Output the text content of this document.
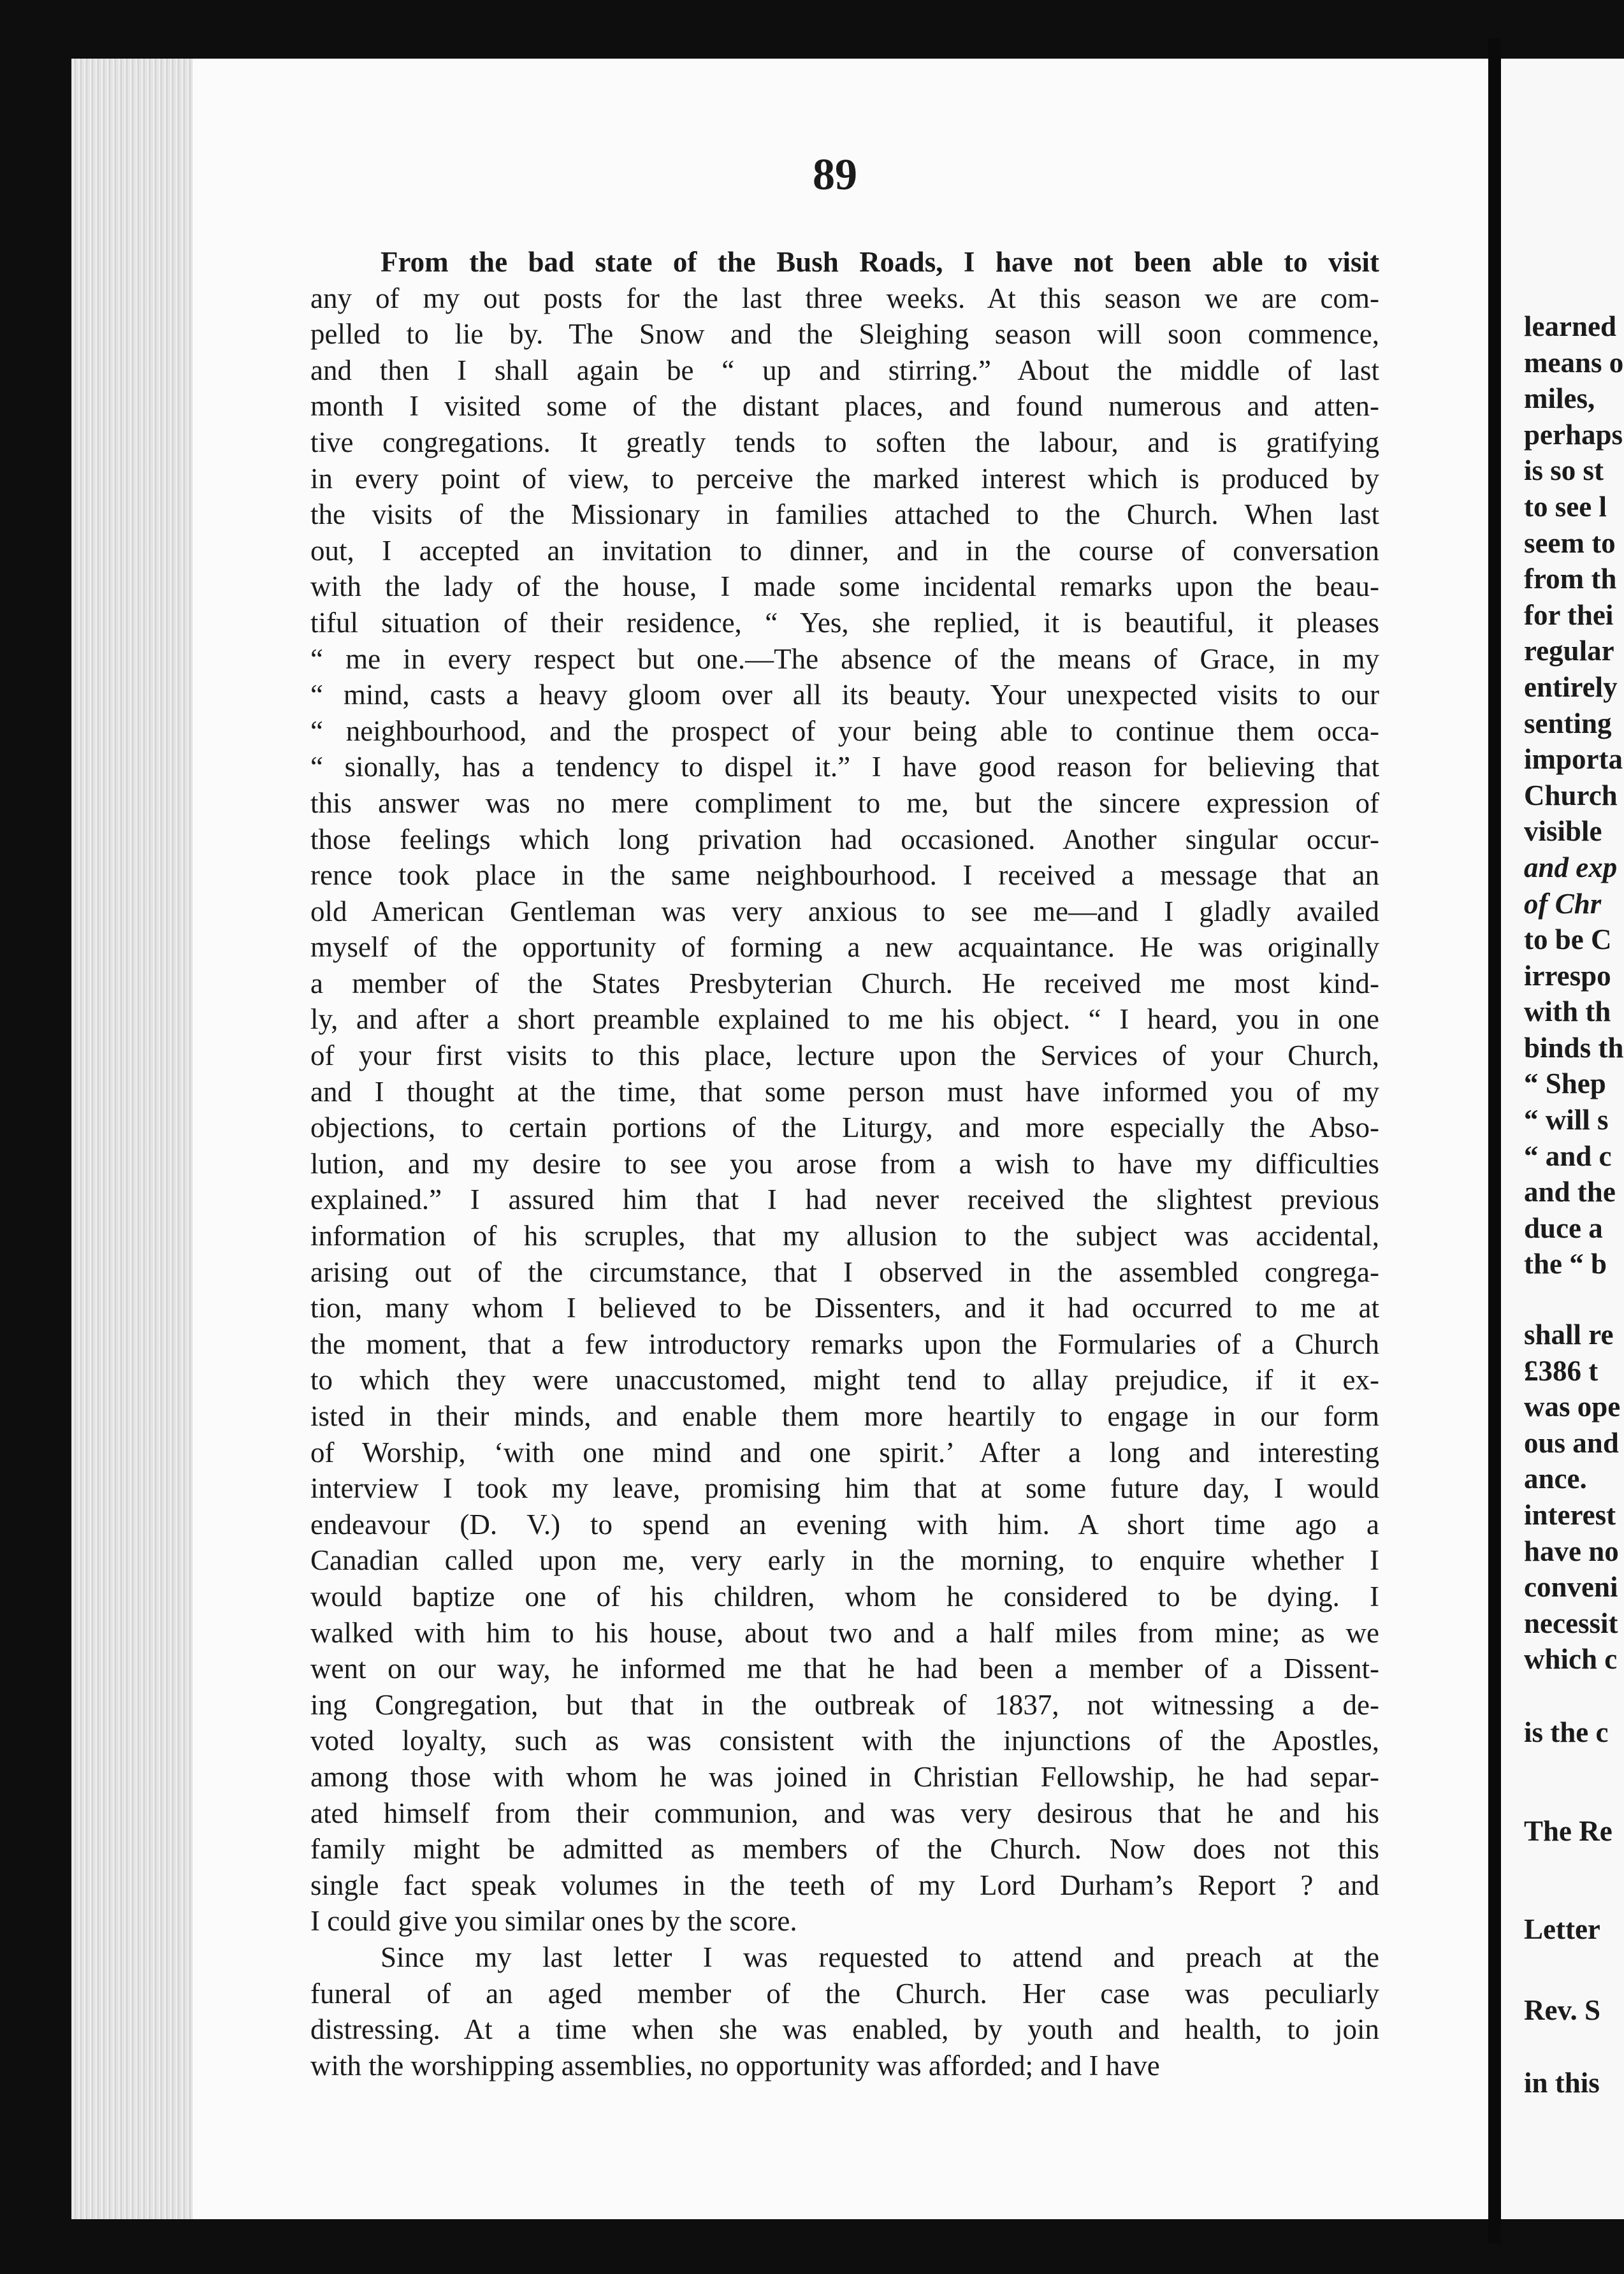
89
From the bad state of the Bush Roads, I have not been able to visit
any of my out posts for the last three weeks. At this season we are com-
pelled to lie by. The Snow and the Sleighing season will soon commence,
and then I shall again be “ up and stirring.” About the middle of last
month I visited some of the distant places, and found numerous and atten-
tive congregations. It greatly tends to soften the labour, and is gratifying
in every point of view, to perceive the marked interest which is produced by
the visits of the Missionary in families attached to the Church. When last
out, I accepted an invitation to dinner, and in the course of conversation
with the lady of the house, I made some incidental remarks upon the beau-
tiful situation of their residence, “ Yes, she replied, it is beautiful, it pleases
“ me in every respect but one.—The absence of the means of Grace, in my
“ mind, casts a heavy gloom over all its beauty. Your unexpected visits to our
“ neighbourhood, and the prospect of your being able to continue them occa-
“ sionally, has a tendency to dispel it.” I have good reason for believing that
this answer was no mere compliment to me, but the sincere expression of
those feelings which long privation had occasioned. Another singular occur-
rence took place in the same neighbourhood. I received a message that an
old American Gentleman was very anxious to see me—and I gladly availed
myself of the opportunity of forming a new acquaintance. He was originally
a member of the States Presbyterian Church. He received me most kind-
ly, and after a short preamble explained to me his object. “ I heard, you in one
of your first visits to this place, lecture upon the Services of your Church,
and I thought at the time, that some person must have informed you of my
objections, to certain portions of the Liturgy, and more especially the Abso-
lution, and my desire to see you arose from a wish to have my difficulties
explained.” I assured him that I had never received the slightest previous
information of his scruples, that my allusion to the subject was accidental,
arising out of the circumstance, that I observed in the assembled congrega-
tion, many whom I believed to be Dissenters, and it had occurred to me at
the moment, that a few introductory remarks upon the Formularies of a Church
to which they were unaccustomed, might tend to allay prejudice, if it ex-
isted in their minds, and enable them more heartily to engage in our form
of Worship, ‘with one mind and one spirit.’ After a long and interesting
interview I took my leave, promising him that at some future day, I would
endeavour (D. V.) to spend an evening with him. A short time ago a
Canadian called upon me, very early in the morning, to enquire whether I
would baptize one of his children, whom he considered to be dying. I
walked with him to his house, about two and a half miles from mine; as we
went on our way, he informed me that he had been a member of a Dissent-
ing Congregation, but that in the outbreak of 1837, not witnessing a de-
voted loyalty, such as was consistent with the injunctions of the Apostles,
among those with whom he was joined in Christian Fellowship, he had separ-
ated himself from their communion, and was very desirous that he and his
family might be admitted as members of the Church. Now does not this
single fact speak volumes in the teeth of my Lord Durham’s Report ? and
I could give you similar ones by the score.
Since my last letter I was requested to attend and preach at the
funeral of an aged member of the Church. Her case was peculiarly
distressing. At a time when she was enabled, by youth and health, to join
with the worshipping assemblies, no opportunity was afforded; and I have
learned
means o
miles,
perhaps
is so st
to see l
seem to
from th
for thei
regular
entirely
senting
importa
Church
visible
and exp
of Chr
to be C
irrespo
with th
binds th
“ Shep
“ will s
“ and c
and the
duce a
the “ b
shall re
£386 t
was ope
ous and
ance.
interest
have no
conveni
necessit
which c
is the c
The Re
Letter
Rev. S
in this
